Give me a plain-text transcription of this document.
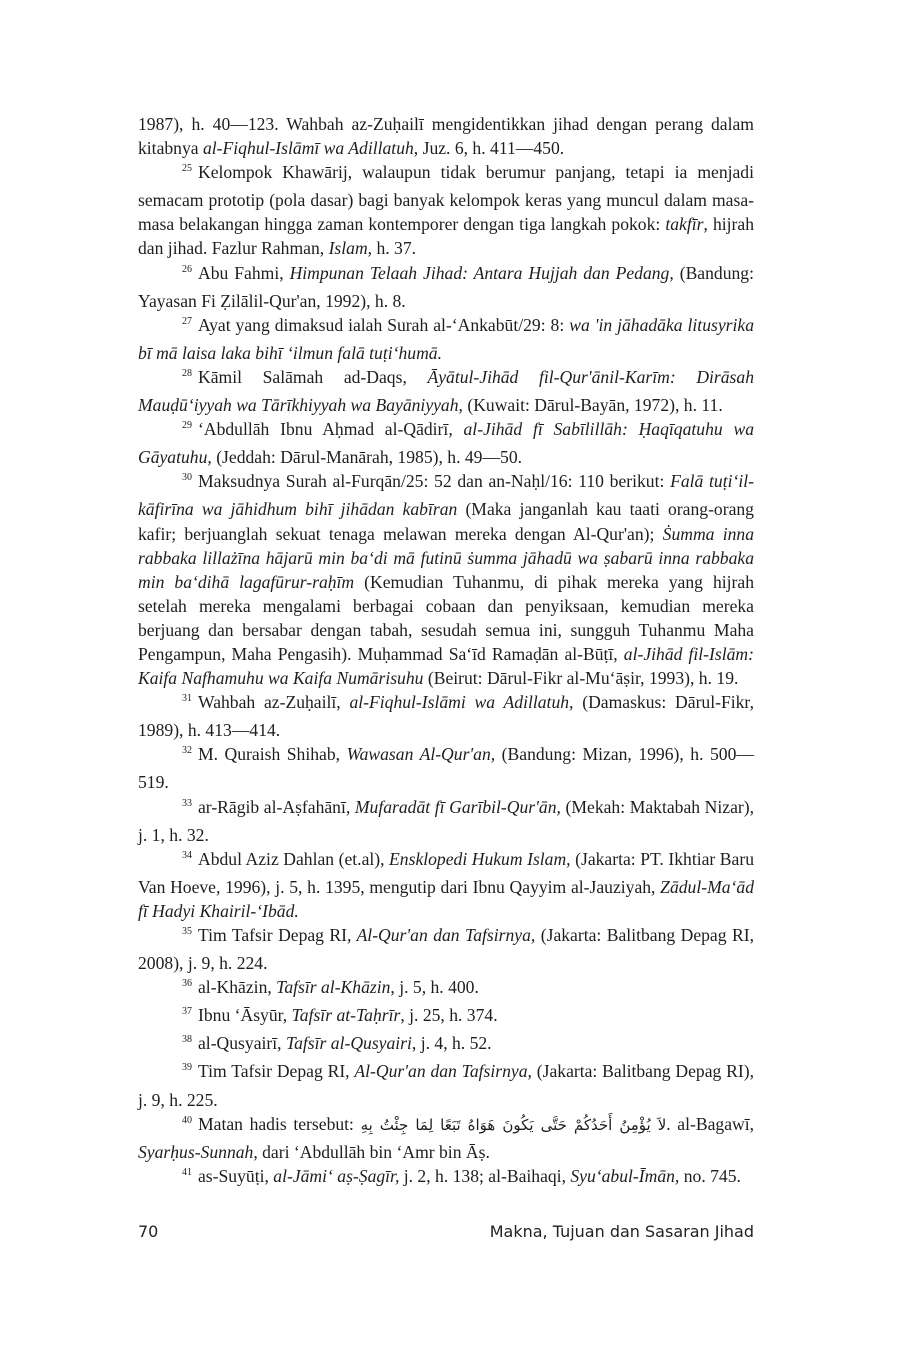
1987), h. 40—123. Wahbah az-Zuḥailī mengidentikkan jihad dengan perang dalam kitabnya al-Fiqhul-Islāmī wa Adillatuh, Juz. 6, h. 411—450.

$^{25}$ Kelompok Khawārij, walaupun tidak berumur panjang, tetapi ia menjadi semacam prototip (pola dasar) bagi banyak kelompok keras yang muncul dalam masa-masa belakangan hingga zaman kontemporer dengan tiga langkah pokok: takfīr, hijrah dan jihad. Fazlur Rahman, Islam, h. 37.

$^{26}$ Abu Fahmi, Himpunan Telaah Jihad: Antara Hujjah dan Pedang, (Bandung: Yayasan Fi Ẓilālil-Qur'an, 1992), h. 8.

$^{27}$ Ayat yang dimaksud ialah Surah al-‘Ankabūt/29: 8: wa 'in jāhadāka litusyrika bī mā laisa laka bihī ‘ilmun falā tuṭi‘humā.

$^{28}$ Kāmil Salāmah ad-Daqs, Āyātul-Jihād fil-Qur'ānil-Karīm: Dirāsah Mauḍū‘iyyah wa Tārīkhiyyah wa Bayāniyyah, (Kuwait: Dārul-Bayān, 1972), h. 11.

$^{29}$ ‘Abdullāh Ibnu Aḥmad al-Qādirī, al-Jihād fī Sabīlillāh: Ḥaqīqatuhu wa Gāyatuhu, (Jeddah: Dārul-Manārah, 1985), h. 49—50.

$^{30}$ Maksudnya Surah al-Furqān/25: 52 dan an-Naḥl/16: 110 berikut: Falā tuṭi‘il-kāfirīna wa jāhidhum bihī jihādan kabīran (Maka janganlah kau taati orang-orang kafir; berjuanglah sekuat tenaga melawan mereka dengan Al-Qur'an); Ṡumma inna rabbaka lillażīna hājarū min ba‘di mā futinū ṡumma jāhadū wa ṣabarū inna rabbaka min ba‘dihā lagafūrur-raḥīm (Kemudian Tuhanmu, di pihak mereka yang hijrah setelah mereka mengalami berbagai cobaan dan penyiksaan, kemudian mereka berjuang dan bersabar dengan tabah, sesudah semua ini, sungguh Tuhanmu Maha Pengampun, Maha Pengasih). Muḥammad Sa‘īd Ramaḍān al-Būṭī, al-Jihād fil-Islām: Kaifa Nafhamuhu wa Kaifa Numārisuhu (Beirut: Dārul-Fikr al-Mu‘āṣir, 1993), h. 19.

$^{31}$ Wahbah az-Zuḥailī, al-Fiqhul-Islāmi wa Adillatuh, (Damaskus: Dārul-Fikr, 1989), h. 413—414.

$^{32}$ M. Quraish Shihab, Wawasan Al-Qur'an, (Bandung: Mizan, 1996), h. 500—519.

$^{33}$ ar-Rāgib al-Aṣfahānī, Mufaradāt fī Garībil-Qur'ān, (Mekah: Maktabah Nizar), j. 1, h. 32.

$^{34}$ Abdul Aziz Dahlan (et.al), Ensklopedi Hukum Islam, (Jakarta: PT. Ikhtiar Baru Van Hoeve, 1996), j. 5, h. 1395, mengutip dari Ibnu Qayyim al-Jauziyah, Zādul-Ma‘ād fī Hadyi Khairil-‘Ibād.

$^{35}$ Tim Tafsir Depag RI, Al-Qur'an dan Tafsirnya, (Jakarta: Balitbang Depag RI, 2008), j. 9, h. 224.

$^{36}$ al-Khāzin, Tafsīr al-Khāzin, j. 5, h. 400.

$^{37}$ Ibnu ‘Āsyūr, Tafsīr at-Taḥrīr, j. 25, h. 374.

$^{38}$ al-Qusyairī, Tafsīr al-Qusyairi, j. 4, h. 52.

$^{39}$ Tim Tafsir Depag RI, Al-Qur'an dan Tafsirnya, (Jakarta: Balitbang Depag RI), j. 9, h. 225.

$^{40}$ Matan hadis tersebut: لاَ يُؤْمِنُ أَحَدُكُمْ حَتَّى يَكُونَ هَوَاهُ تَبَعًا لِمَا جِئْتُ بِهِ. al-Bagawī, Syarḥus-Sunnah, dari ‘Abdullāh bin ‘Amr bin Āṣ.

$^{41}$ as-Suyūṭi, al-Jāmi‘ aṣ-Ṣagīr, j. 2, h. 138; al-Baihaqi, Syu‘abul-Īmān, no. 745.

70	Makna, Tujuan dan Sasaran Jihad
